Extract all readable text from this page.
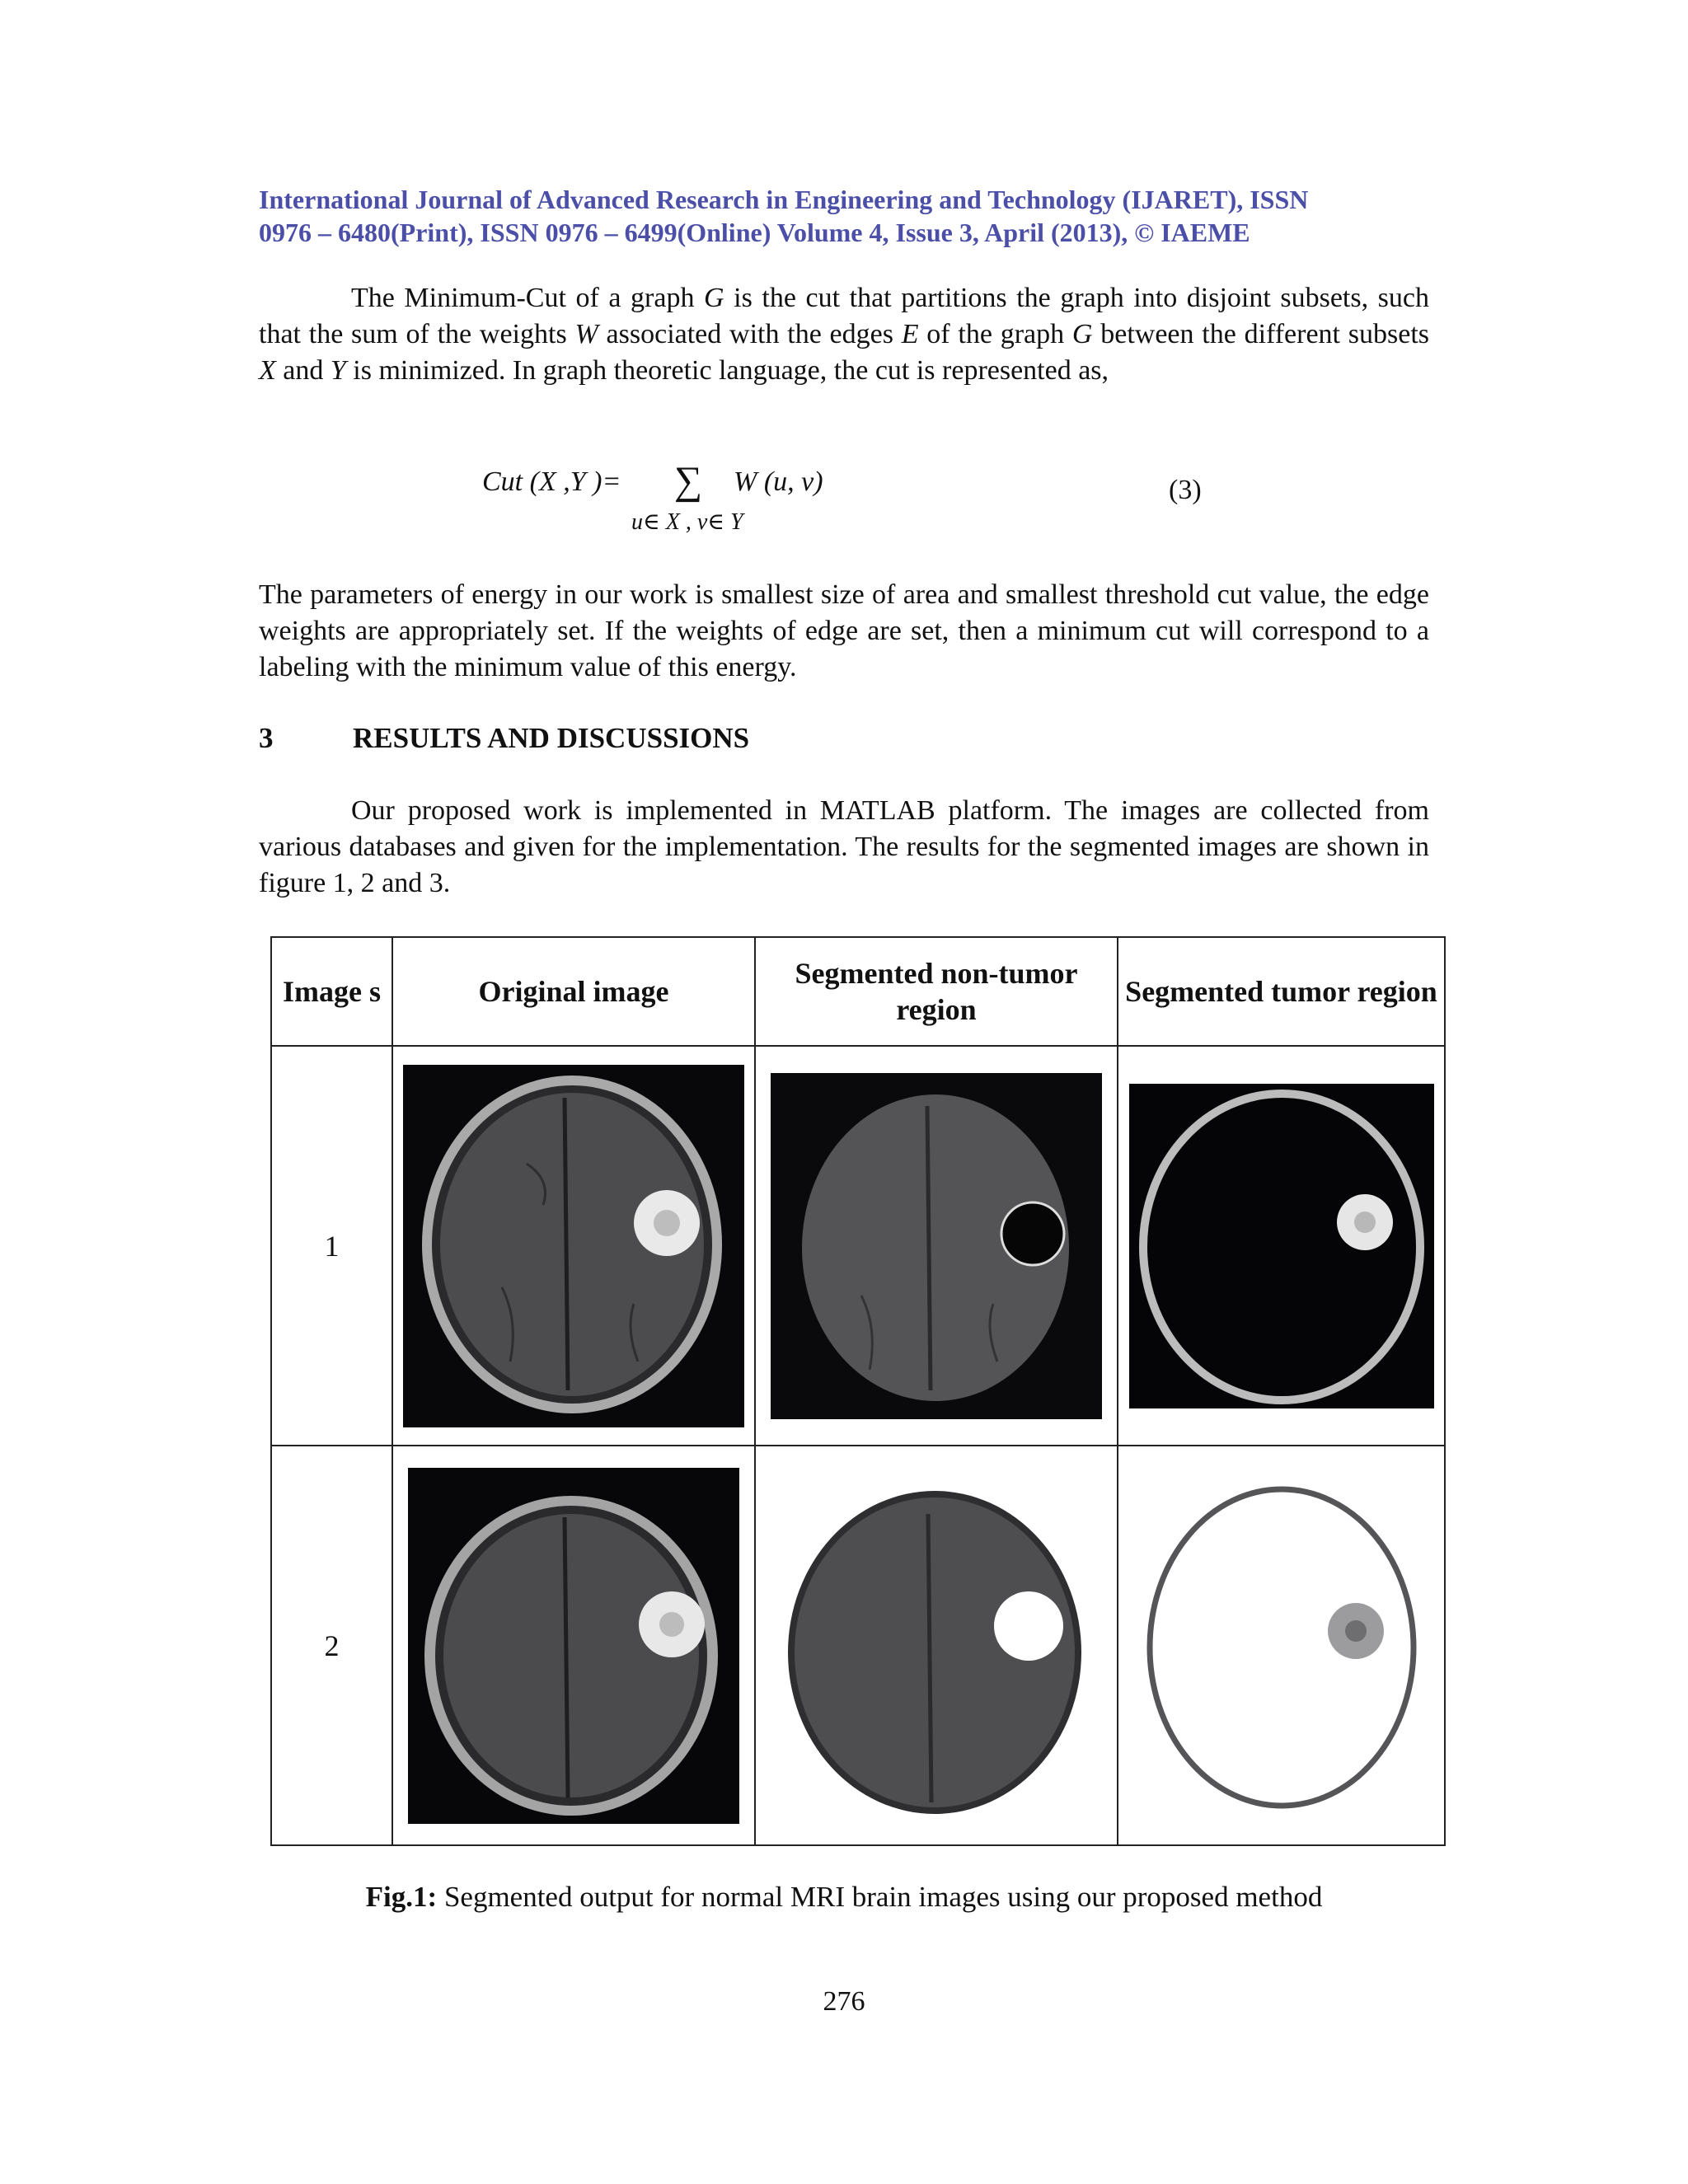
International Journal of Advanced Research in Engineering and Technology (IJARET), ISSN
0976 – 6480(Print), ISSN 0976 – 6499(Online) Volume 4, Issue 3, April (2013), © IAEME
The Minimum-Cut of a graph G is the cut that partitions the graph into disjoint subsets, such that the sum of the weights W associated with the edges E of the graph G between the different subsets X and Y is minimized. In graph theoretic language, the cut is represented as,
Cut (X ,Y )= ∑ W (u, v)
u∈ X , v∈ Y
(3)
The parameters of energy in our work is smallest size of area and smallest threshold cut value, the edge weights are appropriately set. If the weights of edge are set, then a minimum cut will correspond to a labeling with the minimum value of this energy.
3	RESULTS AND DISCUSSIONS
Our proposed work is implemented in MATLAB platform. The images are collected from various databases and given for the implementation. The results for the segmented images are shown in figure 1, 2 and 3.
Image s	Original image	Segmented non-tumor region	Segmented tumor region
1	

2	

Fig.1: Segmented output for normal MRI brain images using our proposed method
276
